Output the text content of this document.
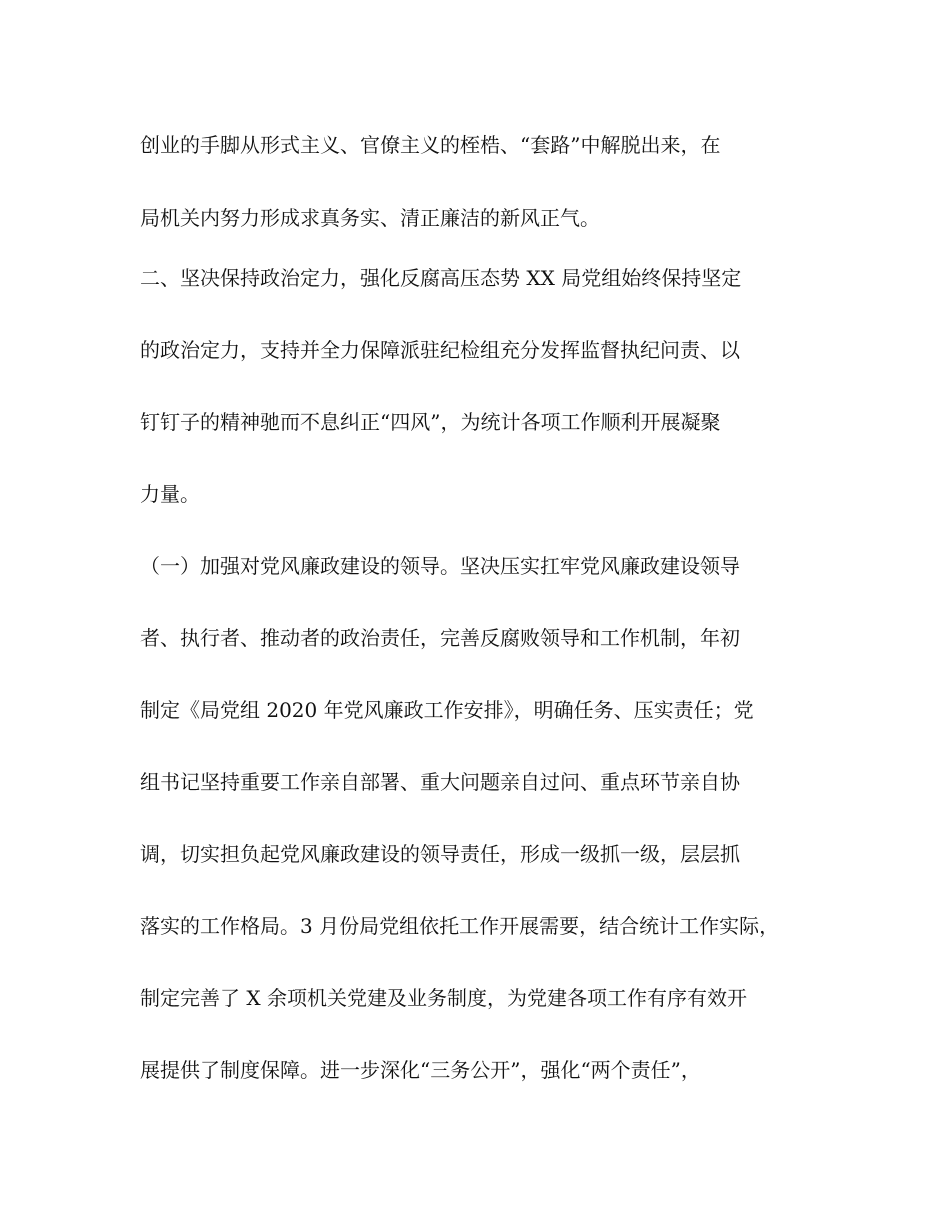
创业的手脚从形式主义、官僚主义的桎梏、“套路”中解脱出来，在
局机关内努力形成求真务实、清正廉洁的新风正气。
二、坚决保持政治定力，强化反腐高压态势 XX 局党组始终保持坚定
的政治定力，支持并全力保障派驻纪检组充分发挥监督执纪问责、以
钉钉子的精神驰而不息纠正“四风”，为统计各项工作顺利开展凝聚
力量。
（一）加强对党风廉政建设的领导。坚决压实扛牢党风廉政建设领导
者、执行者、推动者的政治责任，完善反腐败领导和工作机制，年初
制定《局党组 2020 年党风廉政工作安排》，明确任务、压实责任；党
组书记坚持重要工作亲自部署、重大问题亲自过问、重点环节亲自协
调，切实担负起党风廉政建设的领导责任，形成一级抓一级，层层抓
落实的工作格局。3 月份局党组依托工作开展需要，结合统计工作实际，
制定完善了 X 余项机关党建及业务制度，为党建各项工作有序有效开
展提供了制度保障。进一步深化“三务公开”，强化“两个责任”，
